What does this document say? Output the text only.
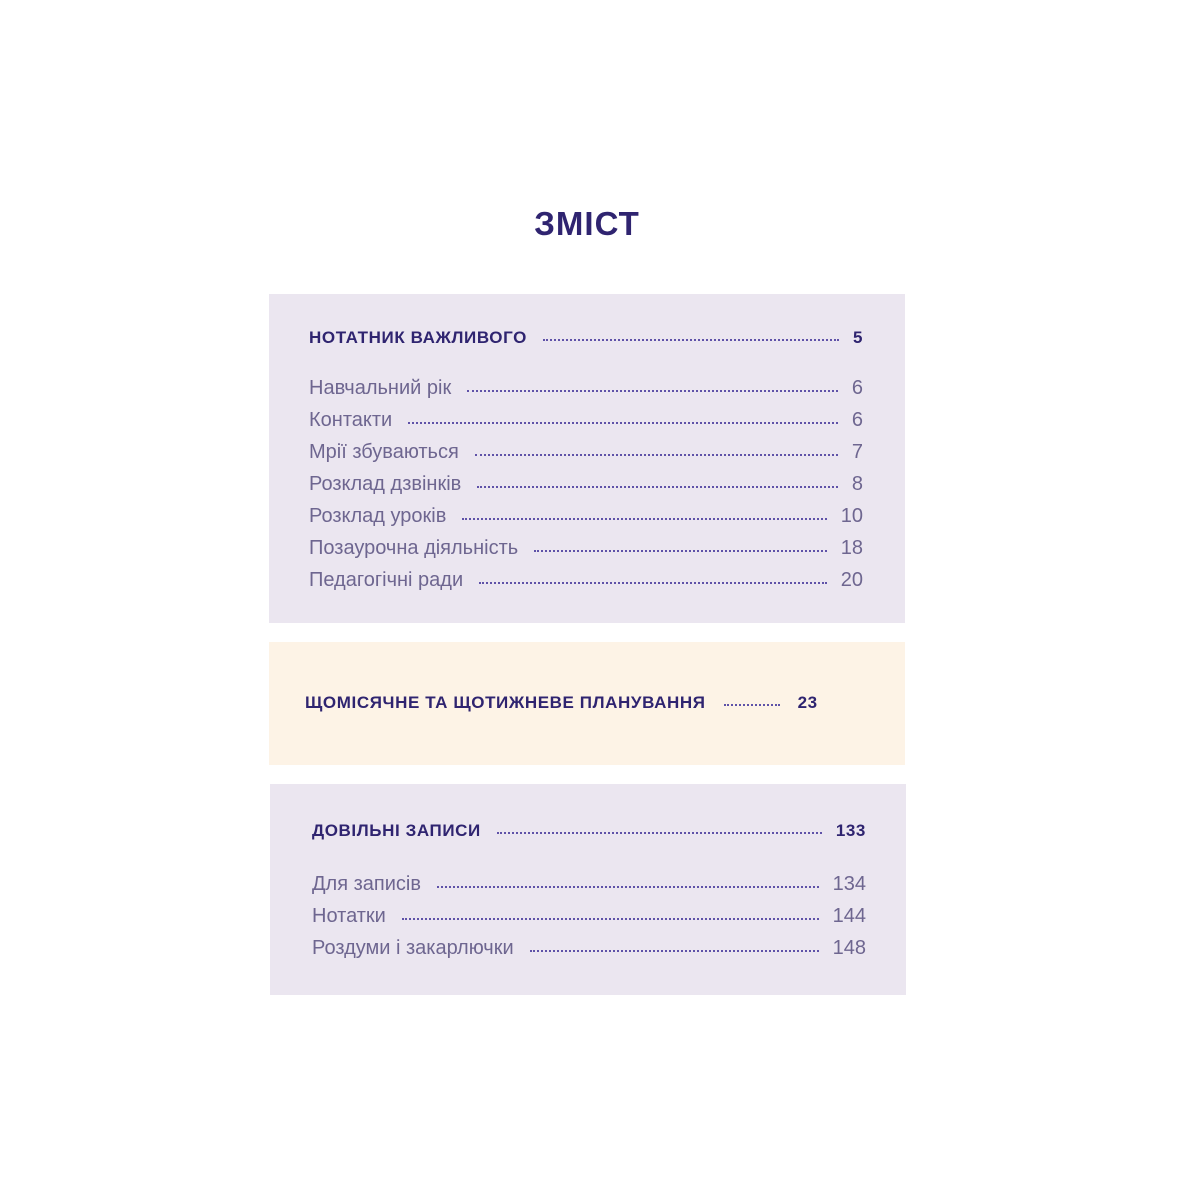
ЗМІСТ
НОТАТНИК ВАЖЛИВОГО	5
Навчальний рік	6
Контакти	6
Мрії збуваються	7
Розклад дзвінків	8
Розклад уроків	10
Позаурочна діяльність	18
Педагогічні ради	20
ЩОМІСЯЧНЕ ТА ЩОТИЖНЕВЕ ПЛАНУВАННЯ	23
ДОВІЛЬНІ ЗАПИСИ	133
Для записів	134
Нотатки	144
Роздуми і закарлючки	148
